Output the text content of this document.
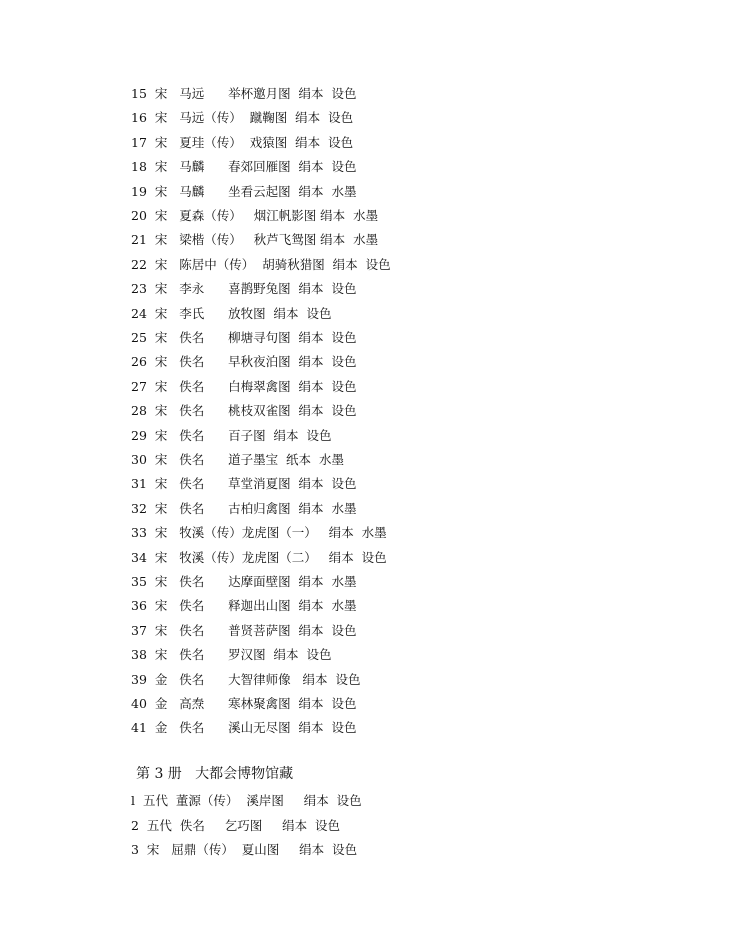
15  宋   马远      举杯邀月图  绢本  设色
16  宋   马远（传）  蹴鞠图  绢本  设色
17  宋   夏珪（传）  戏猿图  绢本  设色
18  宋   马麟      春郊回雁图  绢本  设色
19  宋   马麟      坐看云起图  绢本  水墨
20  宋   夏森（传）   烟江帆影图 绢本  水墨
21  宋   梁楷（传）   秋芦飞鸳图 绢本  水墨
22  宋   陈居中（传）  胡骑秋猎图  绢本  设色
23  宋   李永      喜鹊野兔图  绢本  设色
24  宋   李氏      放牧图  绢本  设色
25  宋   佚名      柳塘寻句图  绢本  设色
26  宋   佚名      早秋夜泊图  绢本  设色
27  宋   佚名      白梅翠禽图  绢本  设色
28  宋   佚名      桃枝双雀图  绢本  设色
29  宋   佚名      百子图  绢本  设色
30  宋   佚名      道子墨宝  纸本  水墨
31  宋   佚名      草堂消夏图  绢本  设色
32  宋   佚名      古柏归禽图  绢本  水墨
33  宋   牧溪（传）龙虎图（一）   绢本  水墨
34  宋   牧溪（传）龙虎图（二）   绢本  设色
35  宋   佚名      达摩面壁图  绢本  水墨
36  宋   佚名      释迦出山图  绢本  水墨
37  宋   佚名      普贤菩萨图  绢本  设色
38  宋   佚名      罗汉图  绢本  设色
39  金   佚名      大智律师像   绢本  设色
40  金   高焘      寒林聚禽图  绢本  设色
41  金   佚名      溪山无尽图  绢本  设色
第 3 册   大都会博物馆藏
l  五代  董源（传）  溪岸图     绢本  设色
2  五代  佚名     乞巧图     绢本  设色
3  宋   屈鼎（传）  夏山图     绢本  设色
